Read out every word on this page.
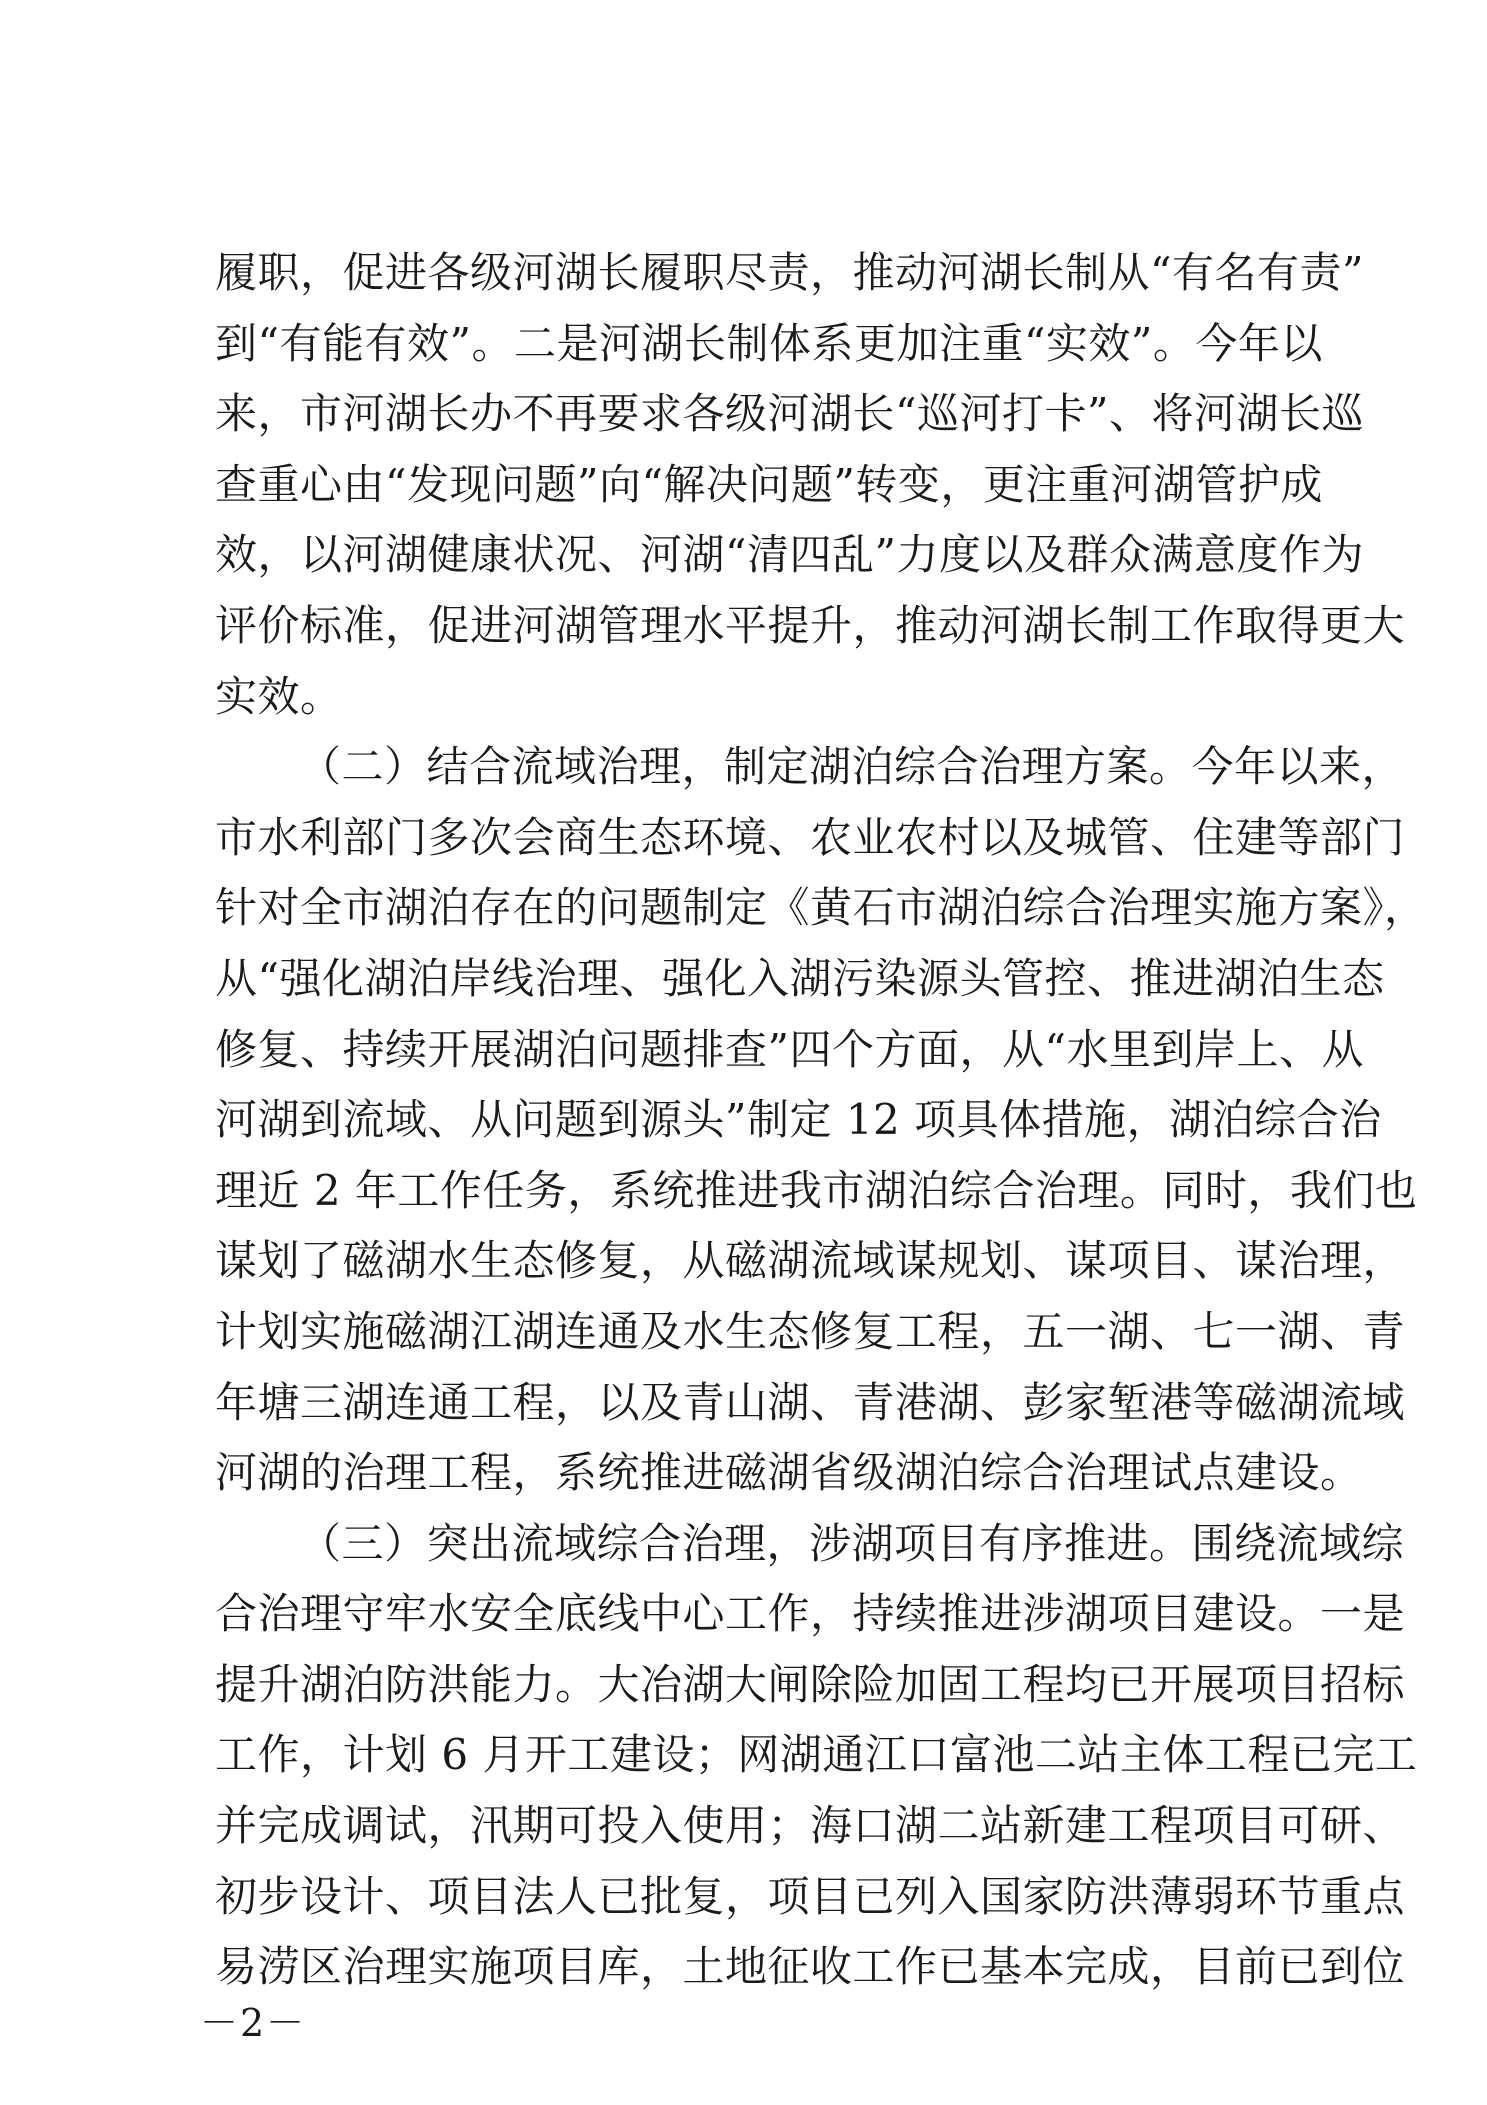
履职，促进各级河湖长履职尽责，推动河湖长制从“有名有责”
到“有能有效”。二是河湖长制体系更加注重“实效”。今年以
来，市河湖长办不再要求各级河湖长“巡河打卡”、将河湖长巡
查重心由“发现问题”向“解决问题”转变，更注重河湖管护成
效，以河湖健康状况、河湖“清四乱”力度以及群众满意度作为
评价标准，促进河湖管理水平提升，推动河湖长制工作取得更大
实效。
（二）结合流域治理，制定湖泊综合治理方案。今年以来，
市水利部门多次会商生态环境、农业农村以及城管、住建等部门
针对全市湖泊存在的问题制定《黄石市湖泊综合治理实施方案》，
从“强化湖泊岸线治理、强化入湖污染源头管控、推进湖泊生态
修复、持续开展湖泊问题排查”四个方面，从“水里到岸上、从
河湖到流域、从问题到源头”制定 12 项具体措施，湖泊综合治
理近 2 年工作任务，系统推进我市湖泊综合治理。同时，我们也
谋划了磁湖水生态修复，从磁湖流域谋规划、谋项目、谋治理，
计划实施磁湖江湖连通及水生态修复工程，五一湖、七一湖、青
年塘三湖连通工程，以及青山湖、青港湖、彭家堑港等磁湖流域
河湖的治理工程，系统推进磁湖省级湖泊综合治理试点建设。
（三）突出流域综合治理，涉湖项目有序推进。围绕流域综
合治理守牢水安全底线中心工作，持续推进涉湖项目建设。一是
提升湖泊防洪能力。大冶湖大闸除险加固工程均已开展项目招标
工作，计划 6 月开工建设；网湖通江口富池二站主体工程已完工
并完成调试，汛期可投入使用；海口湖二站新建工程项目可研、
初步设计、项目法人已批复，项目已列入国家防洪薄弱环节重点
易涝区治理实施项目库，土地征收工作已基本完成，目前已到位
－2－
